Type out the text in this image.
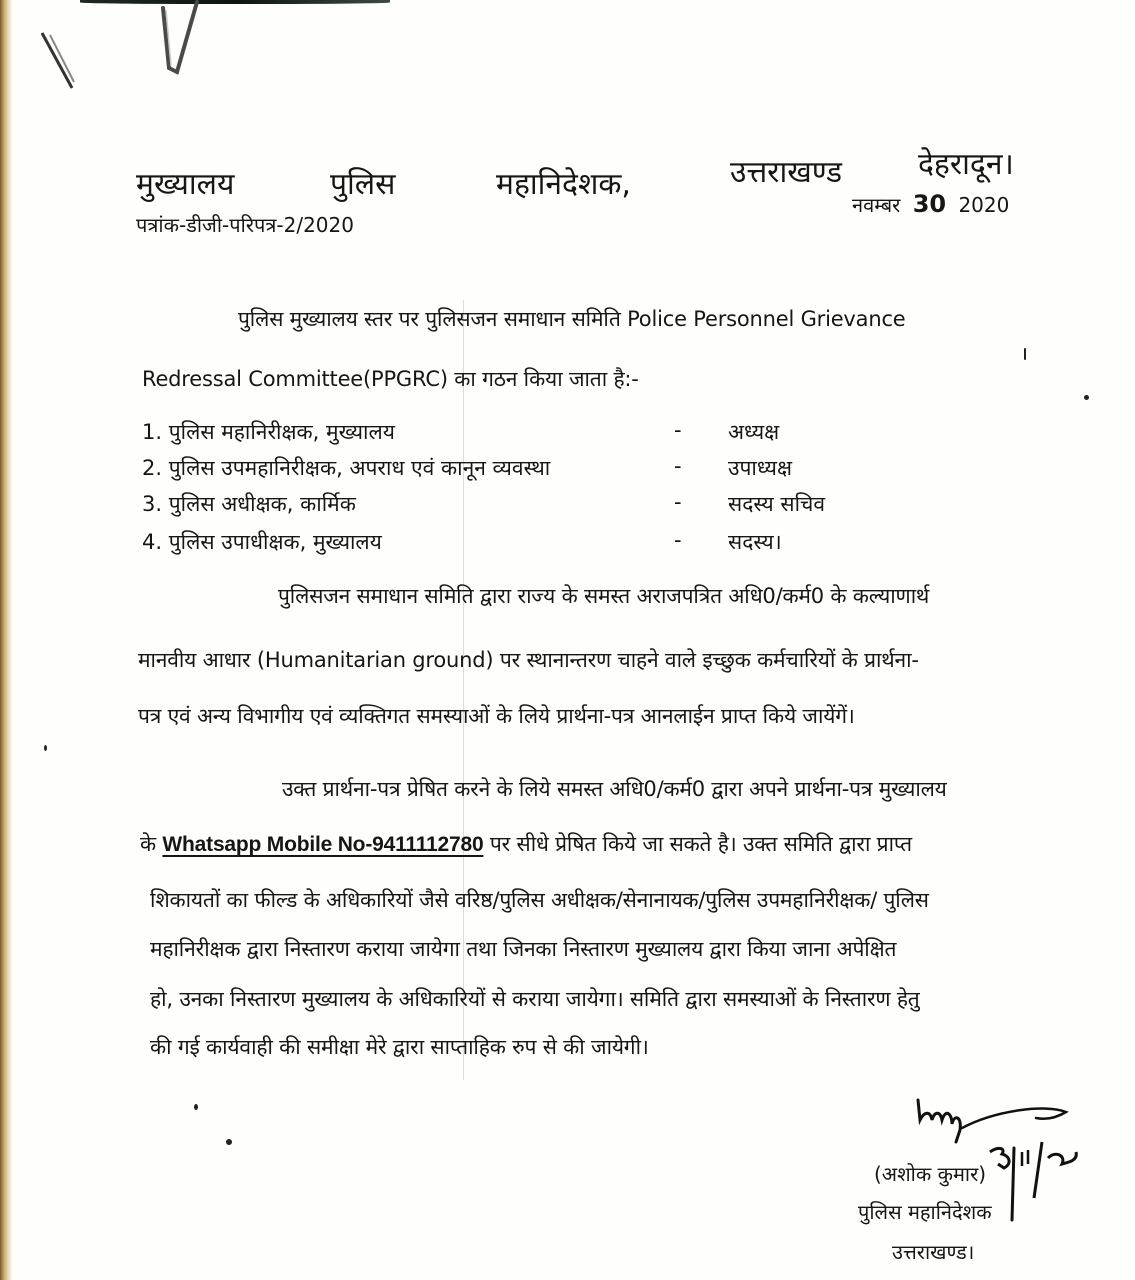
मुख्यालय	पुलिस	महानिदेशक,	उत्तराखण्ड	देहरादून।
पत्रांक-डीजी-परिपत्र-2/2020
नवम्बर 30 2020
पुलिस मुख्यालय स्तर पर पुलिसजन समाधान समिति Police Personnel Grievance
Redressal Committee(PPGRC) का गठन किया जाता है:-
1. पुलिस महानिरीक्षक, मुख्यालय	- अध्यक्ष
2. पुलिस उपमहानिरीक्षक, अपराध एवं कानून व्यवस्था	- उपाध्यक्ष
3. पुलिस अधीक्षक, कार्मिक	- सदस्य सचिव
4. पुलिस उपाधीक्षक, मुख्यालय	- सदस्य।
पुलिसजन समाधान समिति द्वारा राज्य के समस्त अराजपत्रित अधि0/कर्म0 के कल्याणार्थ
मानवीय आधार (Humanitarian ground) पर स्थानान्तरण चाहने वाले इच्छुक कर्मचारियों के प्रार्थना-
पत्र एवं अन्य विभागीय एवं व्यक्तिगत समस्याओं के लिये प्रार्थना-पत्र आनलाईन प्राप्त किये जायेंगें।
उक्त प्रार्थना-पत्र प्रेषित करने के लिये समस्त अधि0/कर्म0 द्वारा अपने प्रार्थना-पत्र मुख्यालय
के Whatsapp Mobile No-9411112780 पर सीधे प्रेषित किये जा सकते है। उक्त समिति द्वारा प्राप्त
शिकायतों का फील्ड के अधिकारियों जैसे वरिष्ठ/पुलिस अधीक्षक/सेनानायक/पुलिस उपमहानिरीक्षक/ पुलिस
महानिरीक्षक द्वारा निस्तारण कराया जायेगा तथा जिनका निस्तारण मुख्यालय द्वारा किया जाना अपेक्षित
हो, उनका निस्तारण मुख्यालय के अधिकारियों से कराया जायेगा। समिति द्वारा समस्याओं के निस्तारण हेतु
की गई कार्यवाही की समीक्षा मेरे द्वारा साप्ताहिक रुप से की जायेगी।
(अशोक कुमार)
पुलिस महानिदेशक
उत्तराखण्ड।
